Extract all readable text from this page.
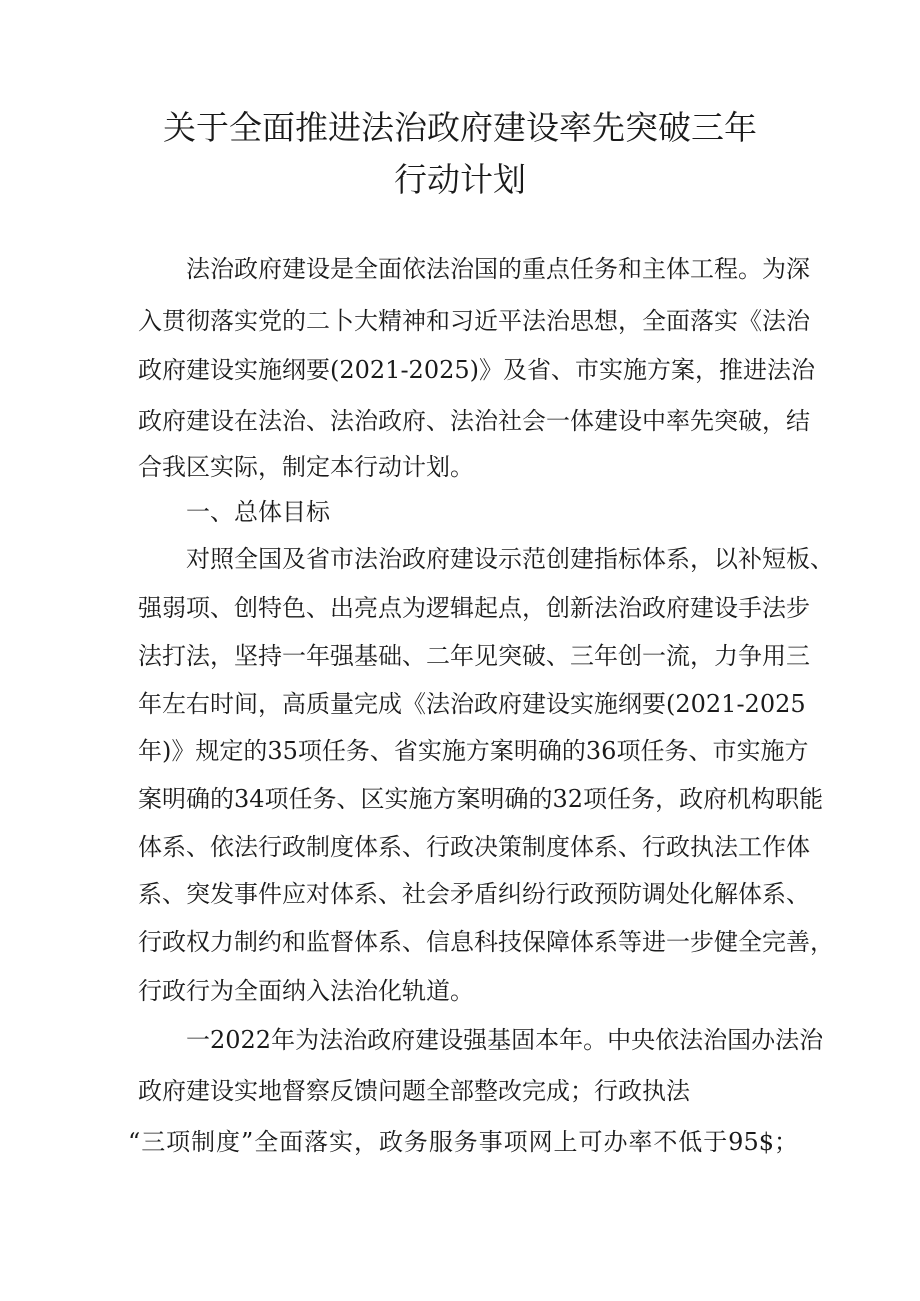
关于全面推进法治政府建设率先突破三年
行动计划
法治政府建设是全面依法治国的重点任务和主体工程。为深
入贯彻落实党的二卜大精神和习近平法治思想，全面落实《法治
政府建设实施纲要(2021-2025)》及省、市实施方案，推进法治
政府建设在法治、法治政府、法治社会一体建设中率先突破，结
合我区实际，制定本行动计划。
一、总体目标
对照全国及省市法治政府建设示范创建指标体系，以补短板、
强弱项、创特色、出亮点为逻辑起点，创新法治政府建设手法步
法打法，坚持一年强基础、二年见突破、三年创一流，力争用三
年左右时间，高质量完成《法治政府建设实施纲要(2021-2025
年)》规定的35项任务、省实施方案明确的36项任务、市实施方
案明确的34项任务、区实施方案明确的32项任务，政府机构职能
体系、依法行政制度体系、行政决策制度体系、行政执法工作体
系、突发事件应对体系、社会矛盾纠纷行政预防调处化解体系、
行政权力制约和监督体系、信息科技保障体系等进一步健全完善，
行政行为全面纳入法治化轨道。
一2022年为法治政府建设强基固本年。中央依法治国办法治
政府建设实地督察反馈问题全部整改完成；行政执法
“三项制度”全面落实，政务服务事项网上可办率不低于95$；
